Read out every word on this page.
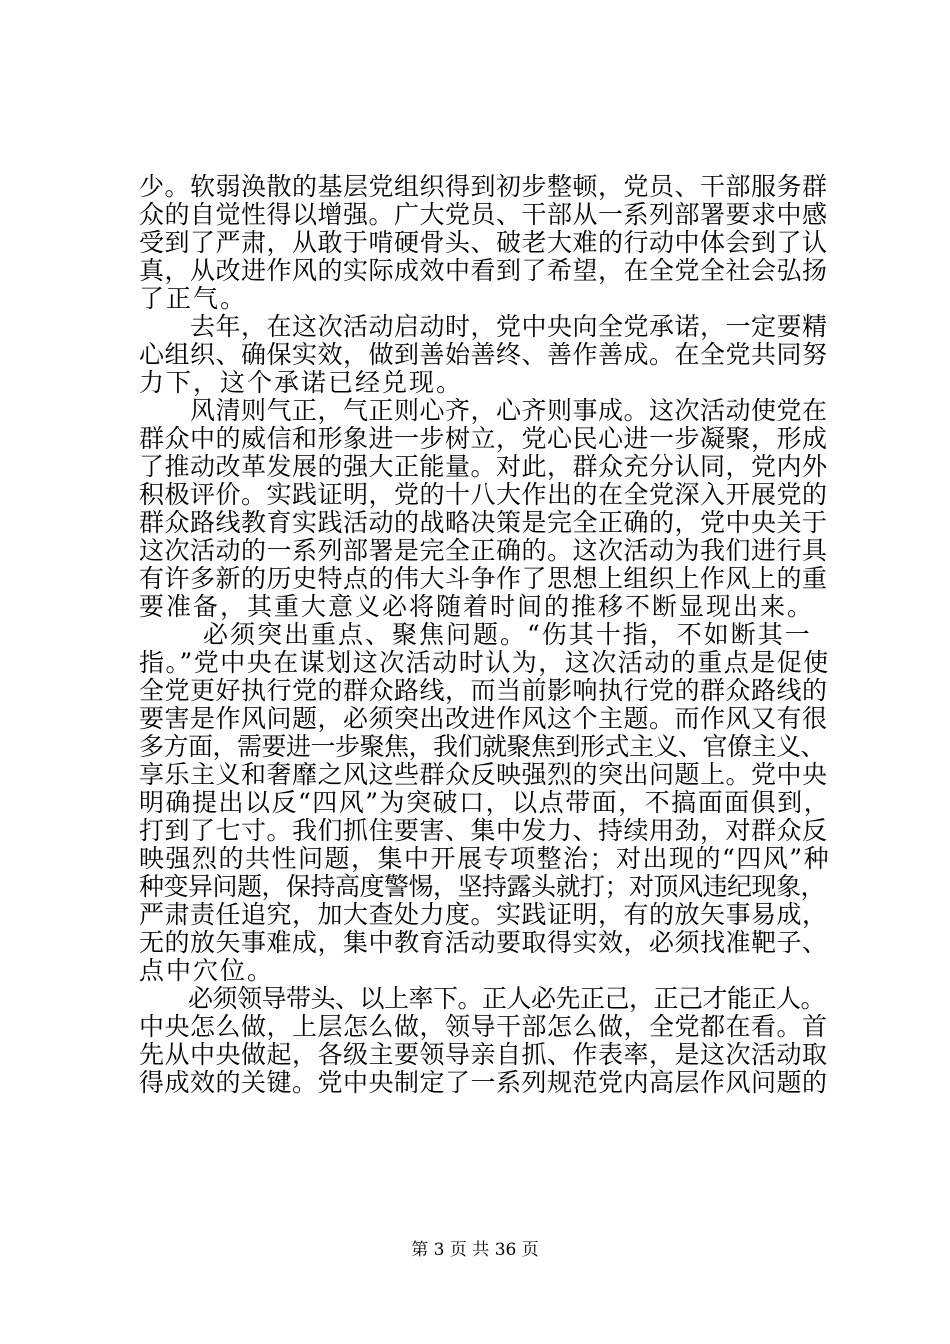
少。软弱涣散的基层党组织得到初步整顿，党员、干部服务群
众的自觉性得以增强。广大党员、干部从一系列部署要求中感
受到了严肃，从敢于啃硬骨头、破老大难的行动中体会到了认
真，从改进作风的实际成效中看到了希望，在全党全社会弘扬
了正气。
　　去年，在这次活动启动时，党中央向全党承诺，一定要精
心组织、确保实效，做到善始善终、善作善成。在全党共同努
力下，这个承诺已经兑现。
　　风清则气正，气正则心齐，心齐则事成。这次活动使党在
群众中的威信和形象进一步树立，党心民心进一步凝聚，形成
了推动改革发展的强大正能量。对此，群众充分认同，党内外
积极评价。实践证明，党的十八大作出的在全党深入开展党的
群众路线教育实践活动的战略决策是完全正确的，党中央关于
这次活动的一系列部署是完全正确的。这次活动为我们进行具
有许多新的历史特点的伟大斗争作了思想上组织上作风上的重
要准备，其重大意义必将随着时间的推移不断显现出来。
　　 必须突出重点、聚焦问题。“伤其十指，不如断其一
指。”党中央在谋划这次活动时认为，这次活动的重点是促使
全党更好执行党的群众路线，而当前影响执行党的群众路线的
要害是作风问题，必须突出改进作风这个主题。而作风又有很
多方面，需要进一步聚焦，我们就聚焦到形式主义、官僚主义、
享乐主义和奢靡之风这些群众反映强烈的突出问题上。党中央
明确提出以反“四风”为突破口，以点带面，不搞面面俱到，
打到了七寸。我们抓住要害、集中发力、持续用劲，对群众反
映强烈的共性问题，集中开展专项整治；对出现的“四风”种
种变异问题，保持高度警惕，坚持露头就打；对顶风违纪现象，
严肃责任追究，加大查处力度。实践证明，有的放矢事易成，
无的放矢事难成，集中教育活动要取得实效，必须找准靶子、
点中穴位。
　　必须领导带头、以上率下。正人必先正己，正己才能正人。
中央怎么做，上层怎么做，领导干部怎么做，全党都在看。首
先从中央做起，各级主要领导亲自抓、作表率，是这次活动取
得成效的关键。党中央制定了一系列规范党内高层作风问题的
第 3 页 共 36 页
